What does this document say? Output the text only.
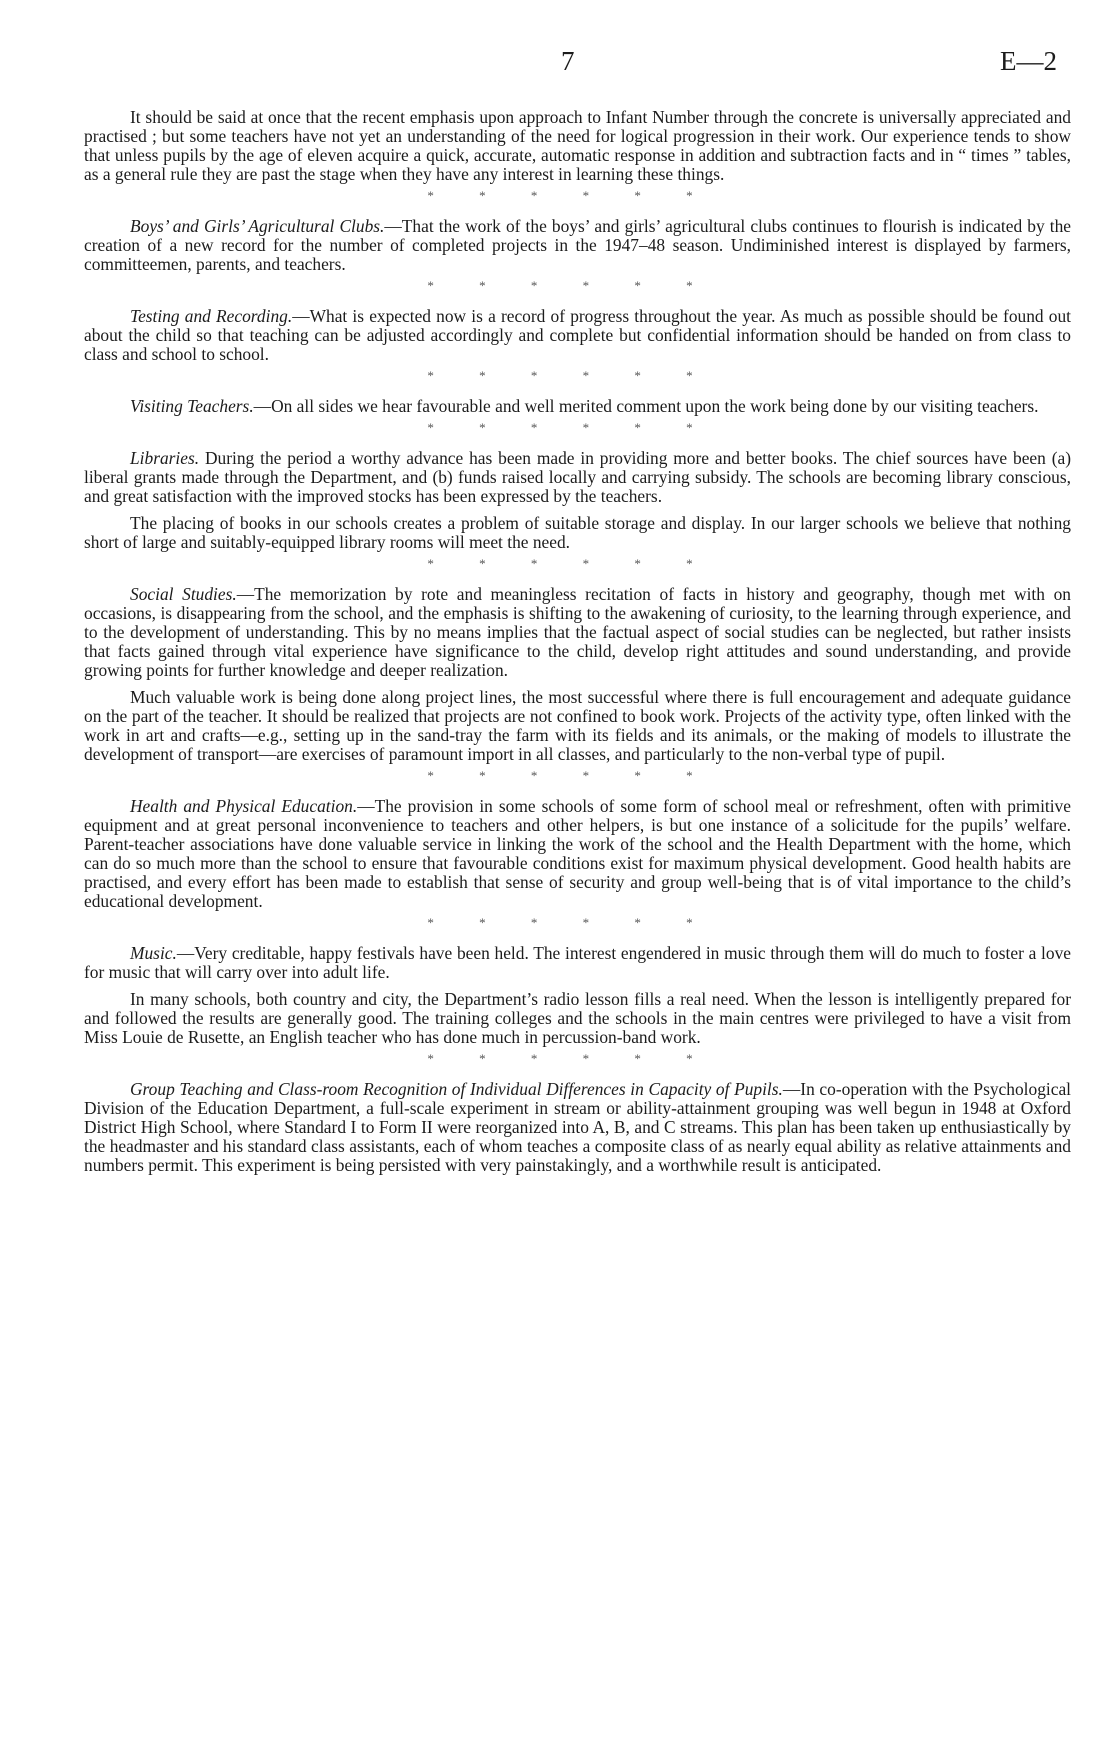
7	E—2

It should be said at once that the recent emphasis upon approach to Infant Number through the concrete is universally appreciated and practised ; but some teachers have not yet an understanding of the need for logical progression in their work. Our experience tends to show that unless pupils by the age of eleven acquire a quick, accurate, automatic response in addition and subtraction facts and in “ times ” tables, as a general rule they are past the stage when they have any interest in learning these things.

* * * * * *

Boys’ and Girls’ Agricultural Clubs.—That the work of the boys’ and girls’ agricultural clubs continues to flourish is indicated by the creation of a new record for the number of completed projects in the 1947–48 season. Undiminished interest is displayed by farmers, committeemen, parents, and teachers.

* * * * * *

Testing and Recording.—What is expected now is a record of progress throughout the year. As much as possible should be found out about the child so that teaching can be adjusted accordingly and complete but confidential information should be handed on from class to class and school to school.

* * * * * *

Visiting Teachers.—On all sides we hear favourable and well merited comment upon the work being done by our visiting teachers.

* * * * * *

Libraries. During the period a worthy advance has been made in providing more and better books. The chief sources have been (a) liberal grants made through the Department, and (b) funds raised locally and carrying subsidy. The schools are becoming library conscious, and great satisfaction with the improved stocks has been expressed by the teachers.

The placing of books in our schools creates a problem of suitable storage and display. In our larger schools we believe that nothing short of large and suitably-equipped library rooms will meet the need.

* * * * * *

Social Studies.—The memorization by rote and meaningless recitation of facts in history and geography, though met with on occasions, is disappearing from the school, and the emphasis is shifting to the awakening of curiosity, to the learning through experience, and to the development of understanding. This by no means implies that the factual aspect of social studies can be neglected, but rather insists that facts gained through vital experience have significance to the child, develop right attitudes and sound understanding, and provide growing points for further knowledge and deeper realization.

Much valuable work is being done along project lines, the most successful where there is full encouragement and adequate guidance on the part of the teacher. It should be realized that projects are not confined to book work. Projects of the activity type, often linked with the work in art and crafts—e.g., setting up in the sand-tray the farm with its fields and its animals, or the making of models to illustrate the development of transport—are exercises of paramount import in all classes, and particularly to the non-verbal type of pupil.

* * * * * *

Health and Physical Education.—The provision in some schools of some form of school meal or refreshment, often with primitive equipment and at great personal inconvenience to teachers and other helpers, is but one instance of a solicitude for the pupils’ welfare. Parent-teacher associations have done valuable service in linking the work of the school and the Health Department with the home, which can do so much more than the school to ensure that favourable conditions exist for maximum physical development. Good health habits are practised, and every effort has been made to establish that sense of security and group well-being that is of vital importance to the child’s educational development.

* * * * * *

Music.—Very creditable, happy festivals have been held. The interest engendered in music through them will do much to foster a love for music that will carry over into adult life.

In many schools, both country and city, the Department’s radio lesson fills a real need. When the lesson is intelligently prepared for and followed the results are generally good. The training colleges and the schools in the main centres were privileged to have a visit from Miss Louie de Rusette, an English teacher who has done much in percussion-band work.

* * * * * *

Group Teaching and Class-room Recognition of Individual Differences in Capacity of Pupils.—In co-operation with the Psychological Division of the Education Department, a full-scale experiment in stream or ability-attainment grouping was well begun in 1948 at Oxford District High School, where Standard I to Form II were reorganized into A, B, and C streams. This plan has been taken up enthusiastically by the headmaster and his standard class assistants, each of whom teaches a composite class of as nearly equal ability as relative attainments and numbers permit. This experiment is being persisted with very painstakingly, and a worthwhile result is anticipated.
